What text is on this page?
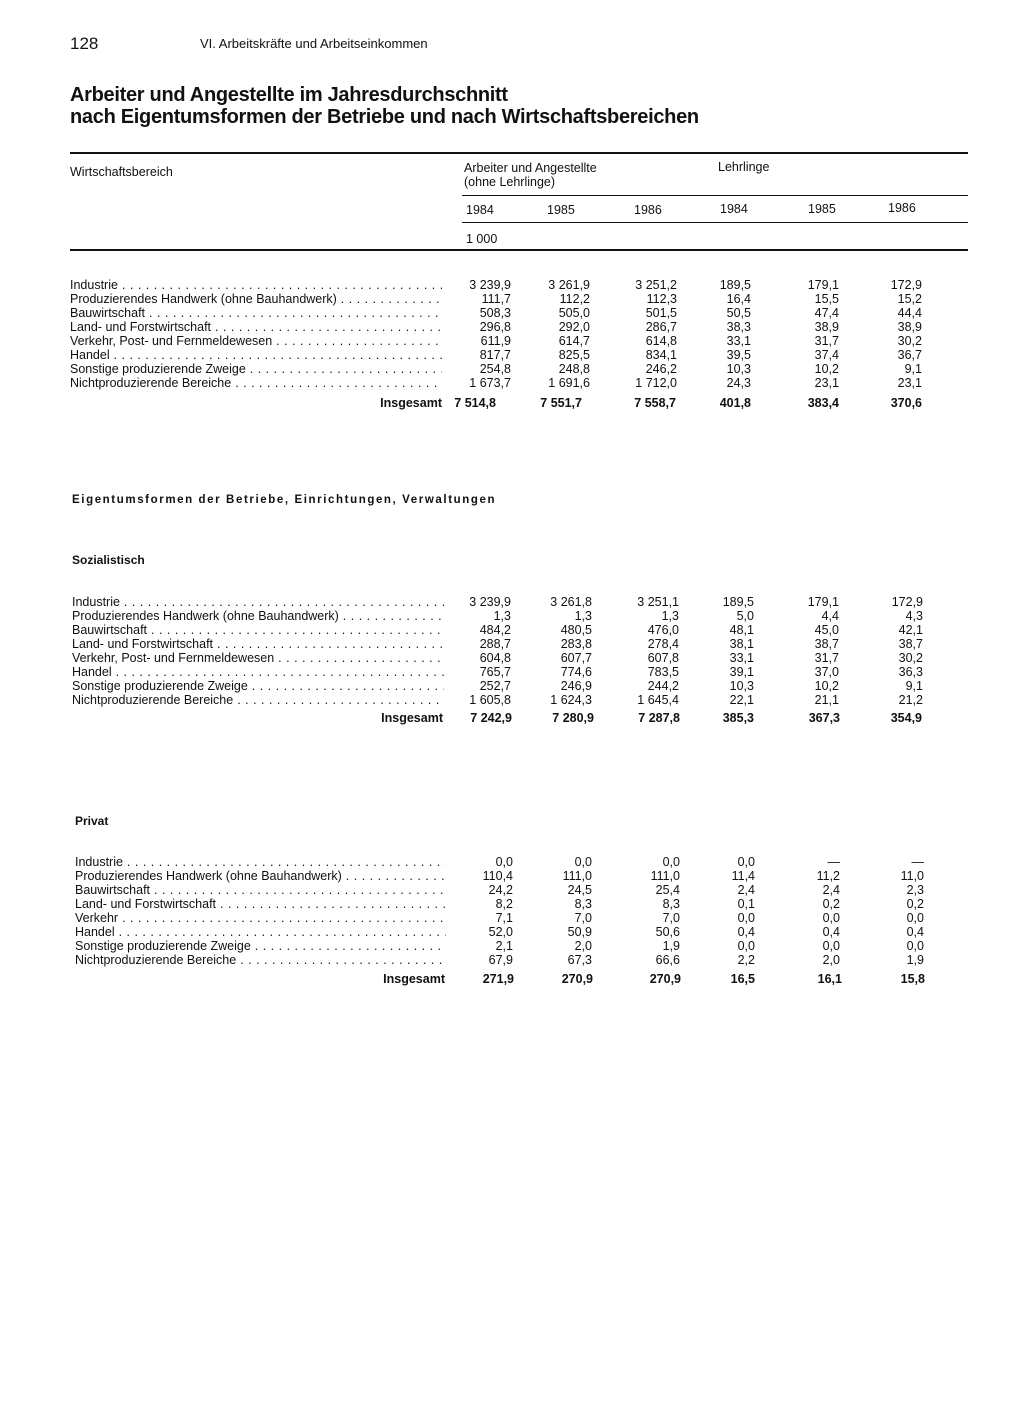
128	VI. Arbeitskräfte und Arbeitseinkommen
Arbeiter und Angestellte im Jahresdurchschnitt
nach Eigentumsformen der Betriebe und nach Wirtschaftsbereichen
Wirtschaftsbereich	Arbeiter und Angestellte
(ohne Lehrlinge)
Lehrlinge
1984	1985	1986	1984	1985	1986
1 000
Eigentumsformen der Betriebe, Einrichtungen, Verwaltungen
Industrie . . .	3 239,9	3 261,9	3 251,2	189,5	179,1	172,9
Produzierendes Handwerk (ohne Bauhandwerk) . . .	111,7	112,2	112,3	16,4	15,5	15,2
Bauwirtschaft . . .	508,3	505,0	501,5	50,5	47,4	44,4
Land- und Forstwirtschaft . . .	296,8	292,0	286,7	38,3	38,9	38,9
Verkehr, Post- und Fernmeldewesen . . .	611,9	614,7	614,8	33,1	31,7	30,2
Handel . . .	817,7	825,5	834,1	39,5	37,4	36,7
Sonstige produzierende Zweige . . .	254,8	248,8	246,2	10,3	10,2	9,1
Nichtproduzierende Bereiche . . .	1 673,7	1 691,6	1 712,0	24,3	23,1	23,1
Insgesamt 7 514,8	7 551,7	7 558,7	401,8	383,4	370,6
Sozialistisch
Industrie . . .	3 239,9	3 261,8	3 251,1	189,5	179,1	172,9
Produzierendes Handwerk (ohne Bauhandwerk) . . .	1,3	1,3	1,3	5,0	4,4	4,3
Bauwirtschaft . . .	484,2	480,5	476,0	48,1	45,0	42,1
Land- und Forstwirtschaft . . .	288,7	283,8	278,4	38,1	38,7	38,7
Verkehr, Post- und Fernmeldewesen . . .	604,8	607,7	607,8	33,1	31,7	30,2
Handel . . .	765,7	774,6	783,5	39,1	37,0	36,3
Sonstige produzierende Zweige . . .	252,7	246,9	244,2	10,3	10,2	9,1
Nichtproduzierende Bereiche . . .	1 605,8	1 624,3	1 645,4	22,1	21,1	21,2
Insgesamt	7 242,9	7 280,9	7 287,8	385,3	367,3	354,9
Privat
Industrie . . .	0,0	0,0	0,0	0,0	—	—
Produzierendes Handwerk (ohne Bauhandwerk) . . .	110,4	111,0	111,0	11,4	11,2	11,0
Bauwirtschaft . . .	24,2	24,5	25,4	2,4	2,4	2,3
Land- und Forstwirtschaft . . .	8,2	8,3	8,3	0,1	0,2	0,2
Verkehr . . .	7,1	7,0	7,0	0,0	0,0	0,0
Handel . . .	52,0	50,9	50,6	0,4	0,4	0,4
Sonstige produzierende Zweige . . .	2,1	2,0	1,9	0,0	0,0	0,0
Nichtproduzierende Bereiche . . .	67,9	67,3	66,6	2,2	2,0	1,9
Insgesamt	271,9	270,9	270,9	16,5	16,1	15,8
